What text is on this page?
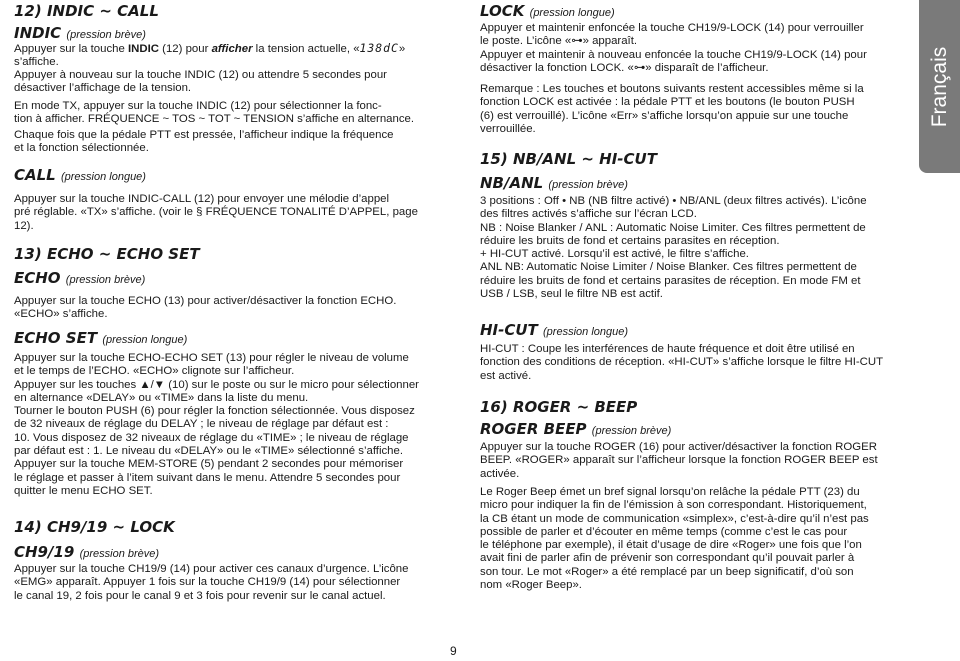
12) INDIC ~ CALL
INDIC (pression brève)

Appuyer sur la touche INDIC (12) pour afficher la tension actuelle, «138dC»
s’affiche.

Appuyer à nouveau sur la touche INDIC (12) ou attendre 5 secondes pour
désactiver l’affichage de la tension.

En mode TX, appuyer sur la touche INDIC (12) pour sélectionner la fonc-
tion à afficher. FRÉQUENCE ~ TOS ~ TOT ~ TENSION s’affiche en alternance.

Chaque fois que la pédale PTT est pressée, l’afficheur indique la fréquence
et la fonction sélectionnée.

CALL (pression longue)

Appuyer sur la touche INDIC-CALL (12) pour envoyer une mélodie d’appel
pré réglable. «TX» s’affiche. (voir le § FRÉQUENCE TONALITÉ D’APPEL, page
12).

13) ECHO ~ ECHO SET
ECHO (pression brève)

Appuyer sur la touche ECHO (13) pour activer/désactiver la fonction ECHO.
«ECHO» s’affiche.

ECHO SET (pression longue)

Appuyer sur la touche ECHO-ECHO SET (13) pour régler le niveau de volume
et le temps de l’ECHO. «ECHO» clignote sur l’afficheur.
Appuyer sur les touches ▲/▼ (10) sur le poste ou sur le micro pour sélectionner
en alternance «DELAY» ou «TIME» dans la liste du menu.
Tourner le bouton PUSH (6) pour régler la fonction sélectionnée. Vous disposez
de 32 niveaux de réglage du DELAY ; le niveau de réglage par défaut est :
10. Vous disposez de 32 niveaux de réglage du «TIME» ; le niveau de réglage
par défaut est : 1. Le niveau du «DELAY» ou le «TIME» sélectionné s’affiche.
Appuyer sur la touche MEM-STORE (5) pendant 2 secondes pour mémoriser
le réglage et passer à l’item suivant dans le menu. Attendre 5 secondes pour
quitter le menu ECHO SET.

14) CH9/19 ~ LOCK
CH9/19 (pression brève)

Appuyer sur la touche CH19/9 (14) pour activer ces canaux d’urgence. L’icône
«EMG» apparaît. Appuyer 1 fois sur la touche CH19/9 (14) pour sélectionner
le canal 19, 2 fois pour le canal 9 et 3 fois pour revenir sur le canal actuel.

LOCK (pression longue)

Appuyer et maintenir enfoncée la touche CH19/9-LOCK (14) pour verrouiller
le poste. L’icône «⊶» apparaît.
Appuyer et maintenir à nouveau enfoncée la touche CH19/9-LOCK (14) pour
désactiver la fonction LOCK. «⊶» disparaît de l’afficheur.

Remarque : Les touches et boutons suivants restent accessibles même si la
fonction LOCK est activée : la pédale PTT et les boutons (le bouton PUSH
(6) est verrouillé). L’icône «Err» s’affiche lorsqu’on appuie sur une touche
verrouillée.

15) NB/ANL ~ HI-CUT
NB/ANL (pression brève)

3 positions : Off • NB (NB filtre activé) • NB/ANL (deux filtres activés). L’icône
des filtres activés s’affiche sur l’écran LCD.
NB : Noise Blanker / ANL : Automatic Noise Limiter. Ces filtres permettent de
réduire les bruits de fond et certains parasites en réception.
+ HI-CUT activé. Lorsqu’il est activé, le filtre s’affiche.
ANL NB: Automatic Noise Limiter / Noise Blanker. Ces filtres permettent de
réduire les bruits de fond et certains parasites de réception. En mode FM et
USB / LSB, seul le filtre NB est actif.

HI-CUT (pression longue)

HI-CUT : Coupe les interférences de haute fréquence et doit être utilisé en
fonction des conditions de réception. «HI-CUT» s’affiche lorsque le filtre HI-CUT
est activé.

16) ROGER ~ BEEP
ROGER BEEP (pression brève)

Appuyer sur la touche ROGER (16) pour activer/désactiver la fonction ROGER
BEEP. «ROGER» apparaît sur l’afficheur lorsque la fonction ROGER BEEP est
activée.

Le Roger Beep émet un bref signal lorsqu’on relâche la pédale PTT (23) du
micro pour indiquer la fin de l’émission à son correspondant. Historiquement,
la CB étant un mode de communication «simplex», c’est-à-dire qu’il n’est pas
possible de parler et d’écouter en même temps (comme c’est le cas pour
le téléphone par exemple), il était d’usage de dire «Roger» une fois que l’on
avait fini de parler afin de prévenir son correspondant qu’il pouvait parler à
son tour. Le mot «Roger» a été remplacé par un beep significatif, d’où son
nom «Roger Beep».

Français
9
